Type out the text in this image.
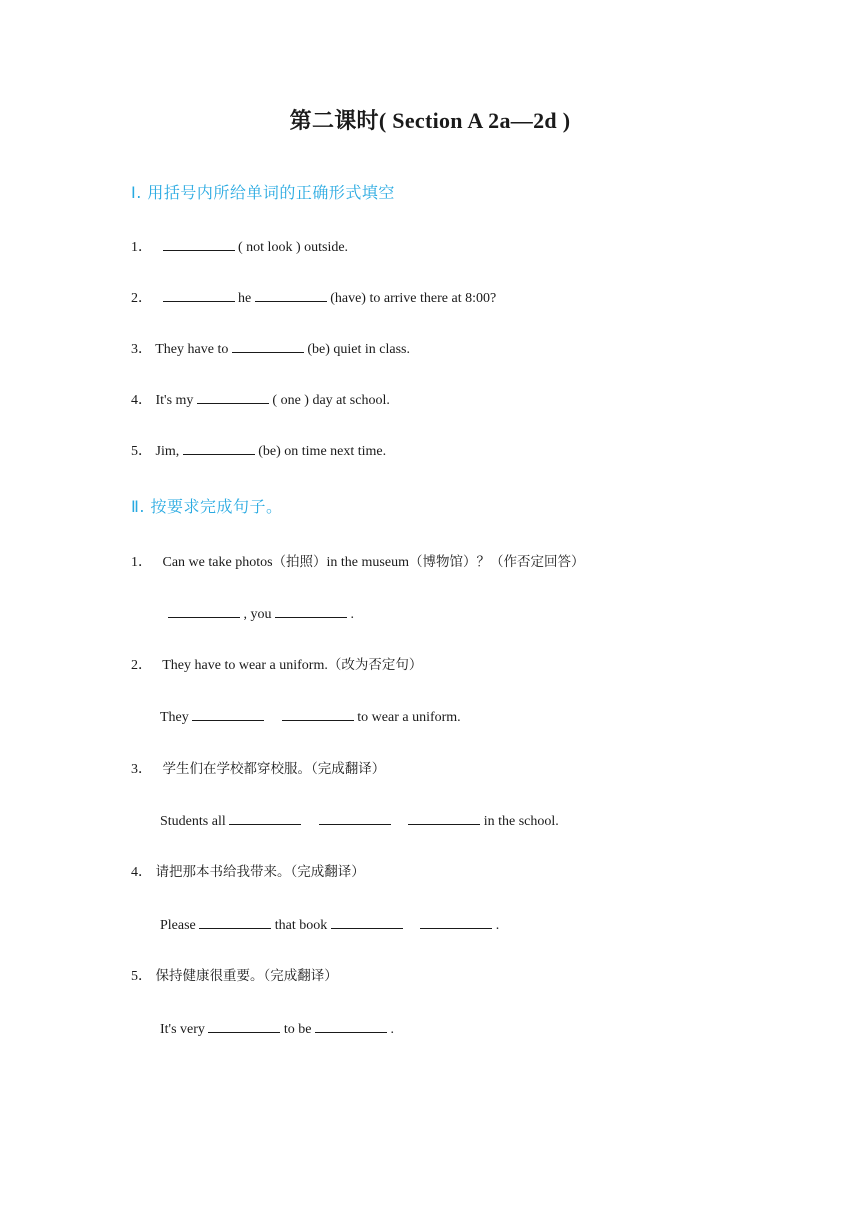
第二课时( Section A 2a—2d )
Ⅰ. 用括号内所给单词的正确形式填空
1．	( not look ) outside.
2．	he	(have) to arrive there at 8:00?
3． They have to	(be) quiet in class.
4． It's my	( one ) day at school.
5． Jim,	(be) on time next time.
Ⅱ. 按要求完成句子。
1． Can we take photos（拍照）in the museum（博物馆）？（作否定回答）
, you	.
2． They have to wear a uniform.（改为否定句）
They	to wear a uniform.
3． 学生们在学校都穿校服。（完成翻译）
Students all	in the school.
4． 请把那本书给我带来。（完成翻译）
Please	that book	.
5． 保持健康很重要。（完成翻译）
It's very	to be	.
